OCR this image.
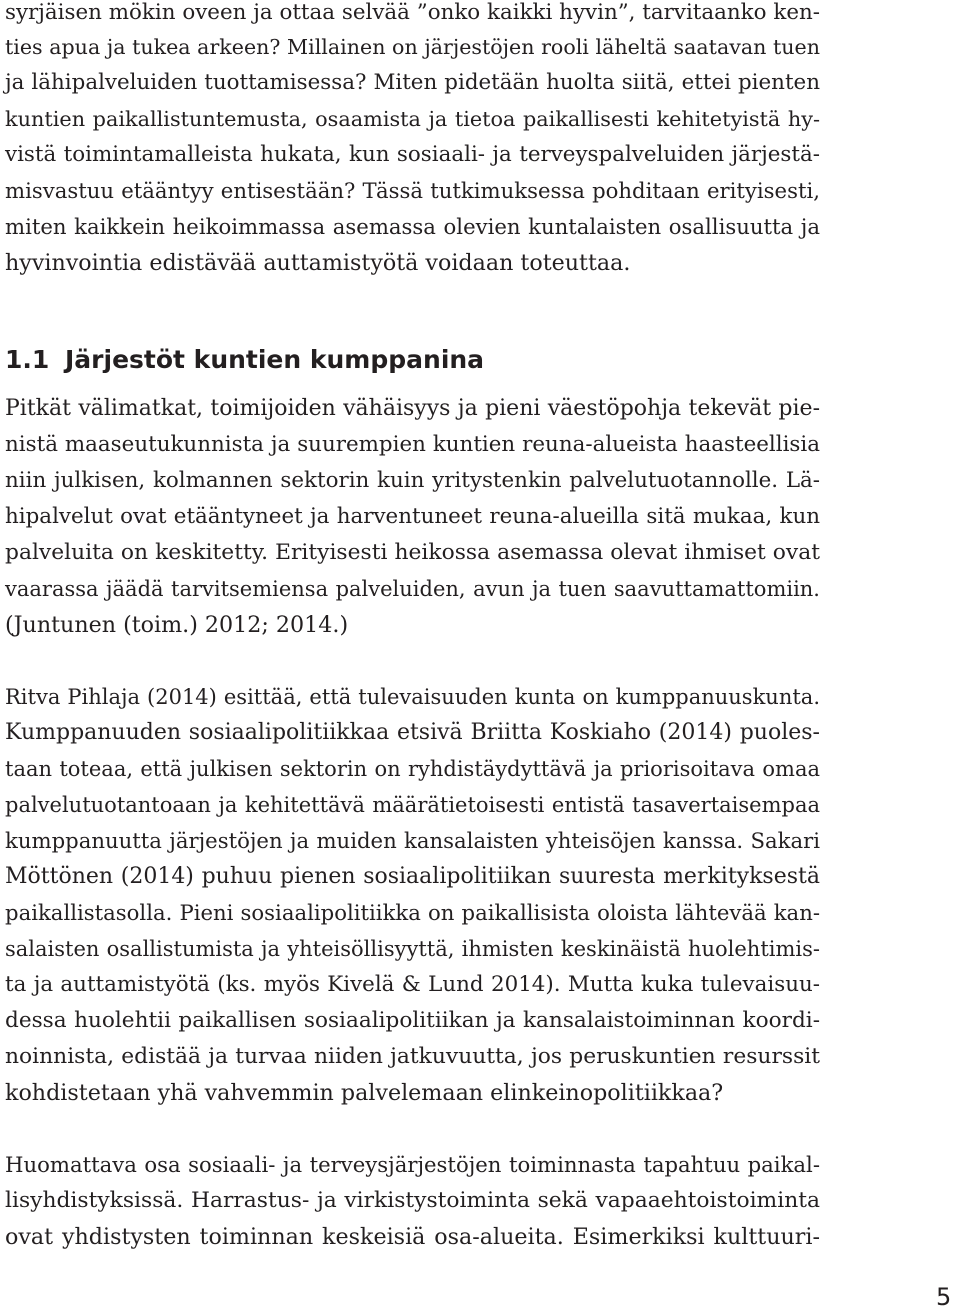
syrjäisen mökin oveen ja ottaa selvää ”onko kaikki hyvin”, tarvitaanko ken-
ties apua ja tukea arkeen? Millainen on järjestöjen rooli läheltä saatavan tuen
ja lähipalveluiden tuottamisessa? Miten pidetään huolta siitä, ettei pienten
kuntien paikallistuntemusta, osaamista ja tietoa paikallisesti kehitetyistä hy-
vistä toimintamalleista hukata, kun sosiaali- ja terveyspalveluiden järjestä-
misvastuu etääntyy entisestään? Tässä tutkimuksessa pohditaan erityisesti,
miten kaikkein heikoimmassa asemassa olevien kuntalaisten osallisuutta ja
hyvinvointia edistävää auttamistyötä voidaan toteuttaa.
1.1 Järjestöt kuntien kumppanina
Pitkät välimatkat, toimijoiden vähäisyys ja pieni väestöpohja tekevät pie-
nistä maaseutukunnista ja suurempien kuntien reuna-alueista haasteellisia
niin julkisen, kolmannen sektorin kuin yritystenkin palvelutuotannolle. Lä-
hipalvelut ovat etääntyneet ja harventuneet reuna-alueilla sitä mukaa, kun
palveluita on keskitetty. Erityisesti heikossa asemassa olevat ihmiset ovat
vaarassa jäädä tarvitsemiensa palveluiden, avun ja tuen saavuttamattomiin.
(Juntunen (toim.) 2012; 2014.)
Ritva Pihlaja (2014) esittää, että tulevaisuuden kunta on kumppanuuskunta.
Kumppanuuden sosiaalipolitiikkaa etsivä Briitta Koskiaho (2014) puoles-
taan toteaa, että julkisen sektorin on ryhdistäydyttävä ja priorisoitava omaa
palvelutuotantoaan ja kehitettävä määrätietoisesti entistä tasavertaisempaa
kumppanuutta järjestöjen ja muiden kansalaisten yhteisöjen kanssa. Sakari
Möttönen (2014) puhuu pienen sosiaalipolitiikan suuresta merkityksestä
paikallistasolla. Pieni sosiaalipolitiikka on paikallisista oloista lähtevää kan-
salaisten osallistumista ja yhteisöllisyyttä, ihmisten keskinäistä huolehtimis-
ta ja auttamistyötä (ks. myös Kivelä & Lund 2014). Mutta kuka tulevaisuu-
dessa huolehtii paikallisen sosiaalipolitiikan ja kansalaistoiminnan koordi-
noinnista, edistää ja turvaa niiden jatkuvuutta, jos peruskuntien resurssit
kohdistetaan yhä vahvemmin palvelemaan elinkeinopolitiikkaa?
Huomattava osa sosiaali- ja terveysjärjestöjen toiminnasta tapahtuu paikal-
lisyhdistyksissä. Harrastus- ja virkistystoiminta sekä vapaaehtoistoiminta
ovat yhdistysten toiminnan keskeisiä osa-alueita. Esimerkiksi kulttuuri-
5
